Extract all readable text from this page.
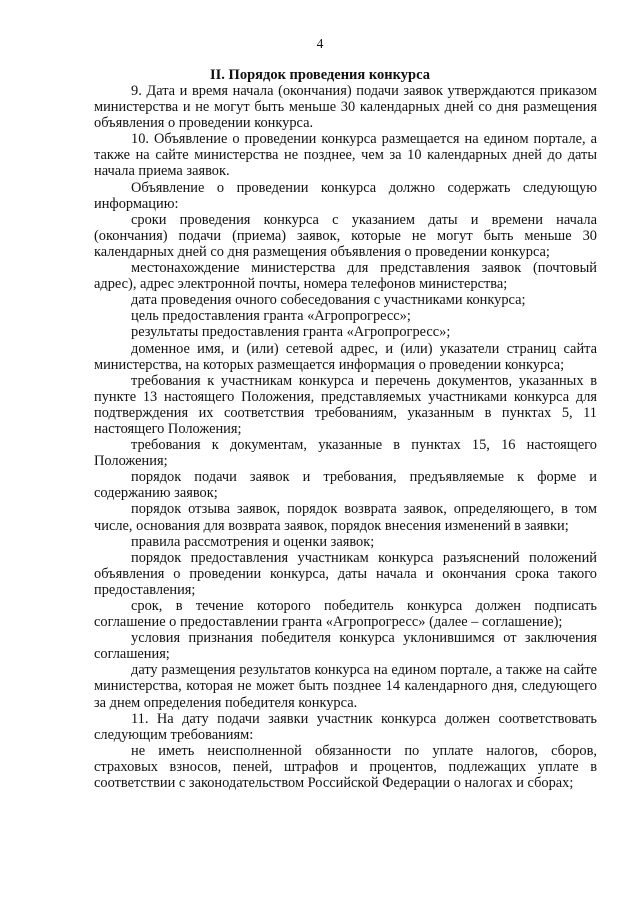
4
II. Порядок проведения конкурса

9. Дата и время начала (окончания) подачи заявок утверждаются приказом министерства и не могут быть меньше 30 календарных дней со дня размещения объявления о проведении конкурса.

10. Объявление о проведении конкурса размещается на едином портале, а также на сайте министерства не позднее, чем за 10 календарных дней до даты начала приема заявок.

Объявление о проведении конкурса должно содержать следующую информацию:

сроки проведения конкурса с указанием даты и времени начала (окончания) подачи (приема) заявок, которые не могут быть меньше 30 календарных дней со дня размещения объявления о проведении конкурса;

местонахождение министерства для представления заявок (почтовый адрес), адрес электронной почты, номера телефонов министерства;

дата проведения очного собеседования с участниками конкурса;

цель предоставления гранта «Агропрогресс»;

результаты предоставления гранта «Агропрогресс»;

доменное имя, и (или) сетевой адрес, и (или) указатели страниц сайта министерства, на которых размещается информация о проведении конкурса;

требования к участникам конкурса и перечень документов, указанных в пункте 13 настоящего Положения, представляемых участниками конкурса для подтверждения их соответствия требованиям, указанным в пунктах 5, 11 настоящего Положения;

требования к документам, указанные в пунктах 15, 16 настоящего Положения;

порядок подачи заявок и требования, предъявляемые к форме и содержанию заявок;

порядок отзыва заявок, порядок возврата заявок, определяющего, в том числе, основания для возврата заявок, порядок внесения изменений в заявки;

правила рассмотрения и оценки заявок;

порядок предоставления участникам конкурса разъяснений положений объявления о проведении конкурса, даты начала и окончания срока такого предоставления;

срок, в течение которого победитель конкурса должен подписать соглашение о предоставлении гранта «Агропрогресс» (далее – соглашение);

условия признания победителя конкурса уклонившимся от заключения соглашения;

дату размещения результатов конкурса на едином портале, а также на сайте министерства, которая не может быть позднее 14 календарного дня, следующего за днем определения победителя конкурса.

11. На дату подачи заявки участник конкурса должен соответствовать следующим требованиям:

не иметь неисполненной обязанности по уплате налогов, сборов, страховых взносов, пеней, штрафов и процентов, подлежащих уплате в соответствии с законодательством Российской Федерации о налогах и сборах;
